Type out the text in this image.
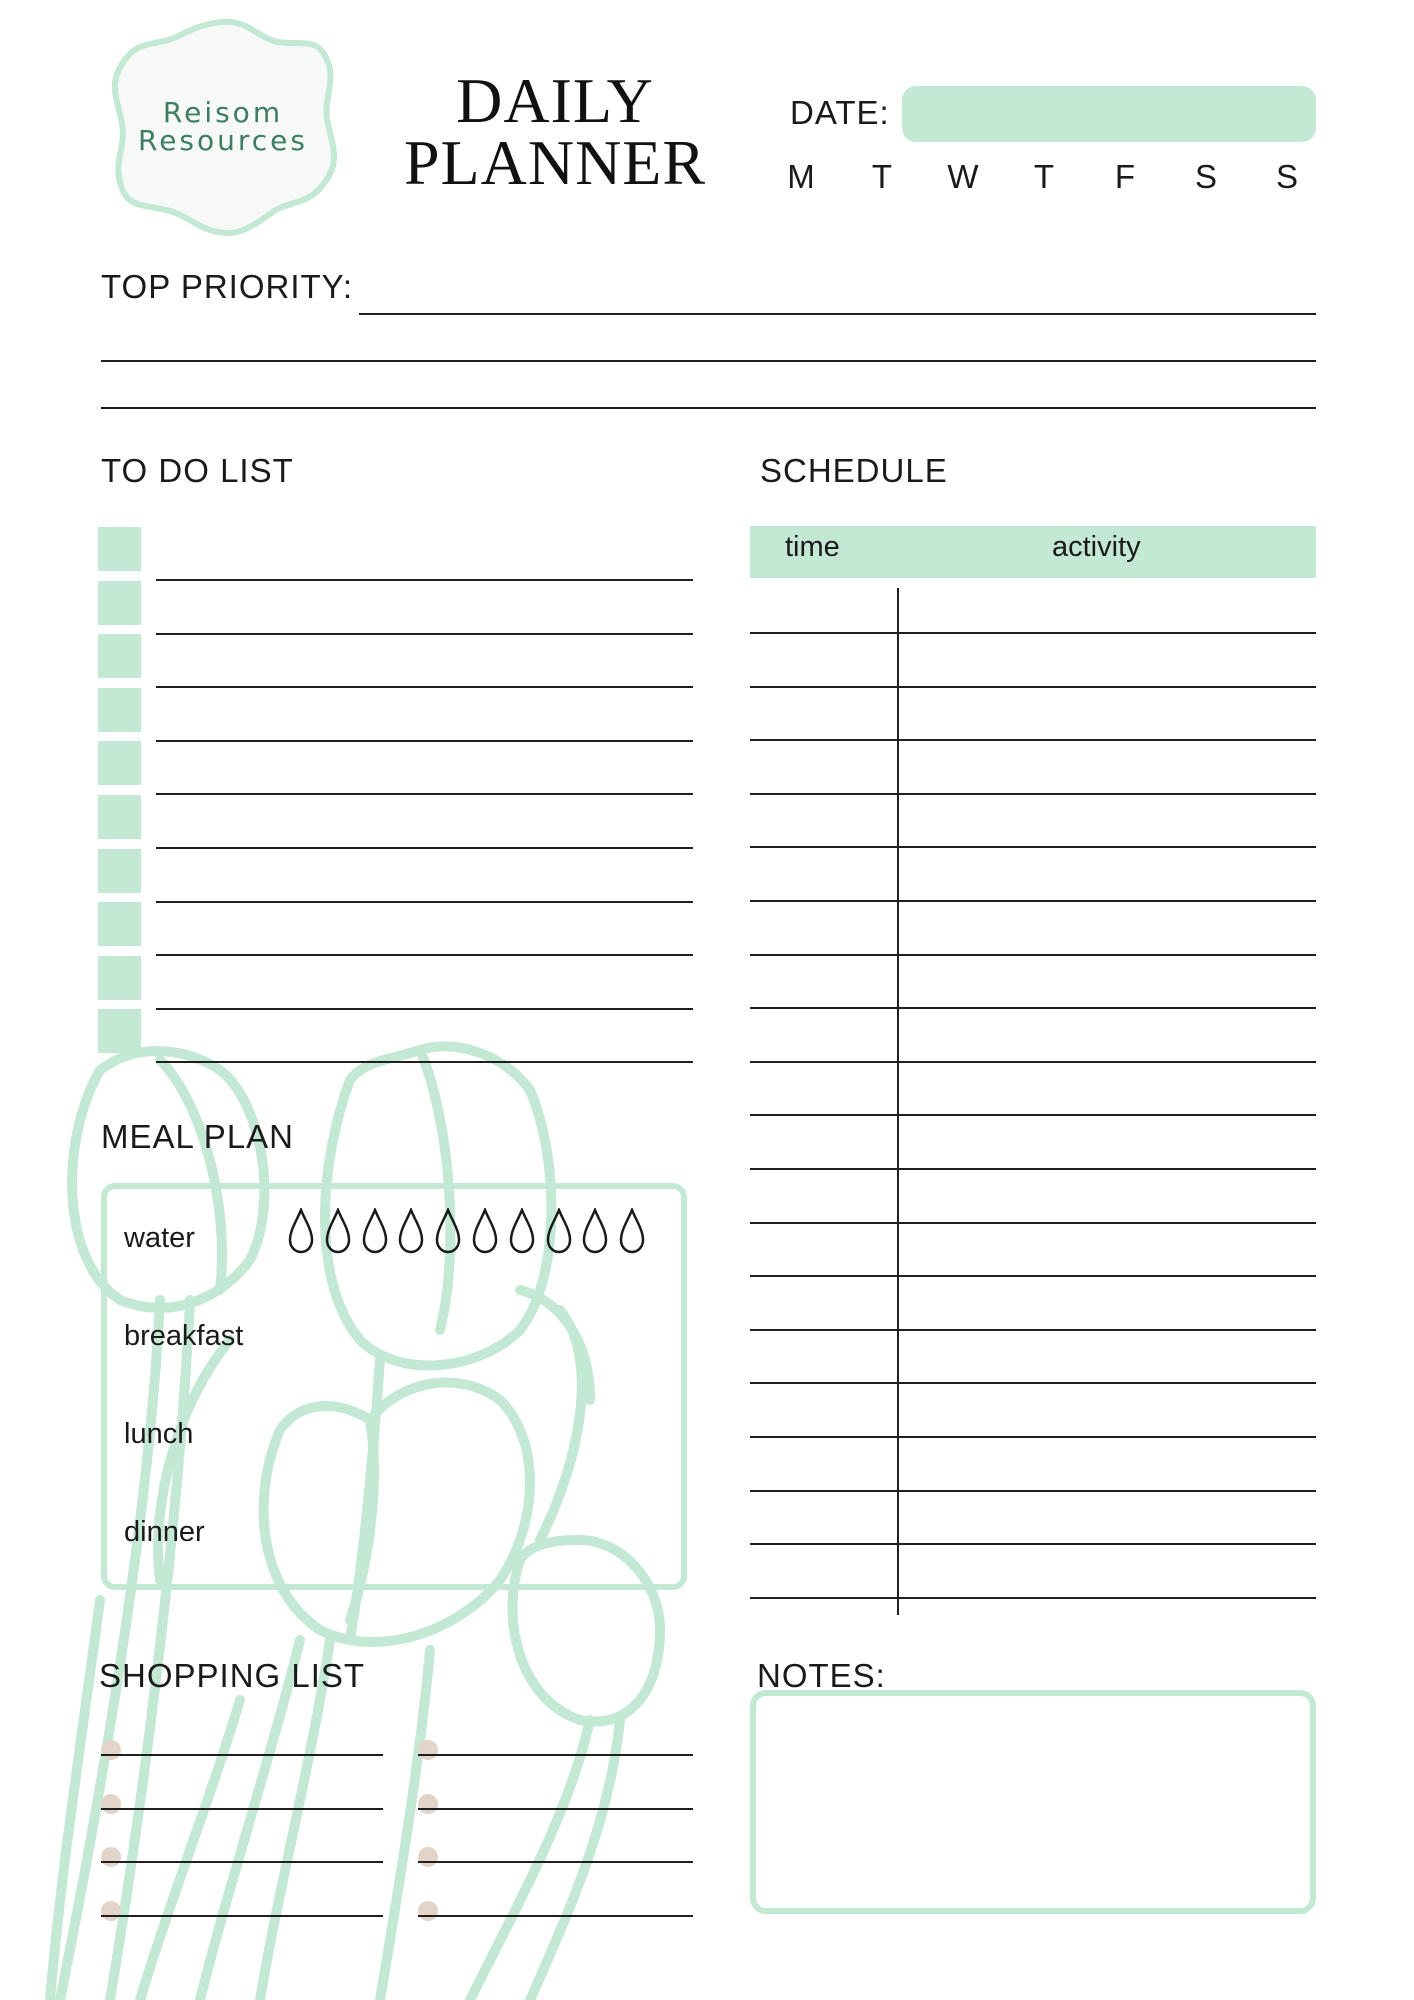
Reisom
Resources
DAILY
PLANNER
DATE:
M	T	W	T	F	S S
TOP PRIORITY:
TO DO LIST	SCHEDULE
time	activity
MEAL PLAN
water
breakfast
lunch
dinner
SHOPPING LIST	NOTES:
